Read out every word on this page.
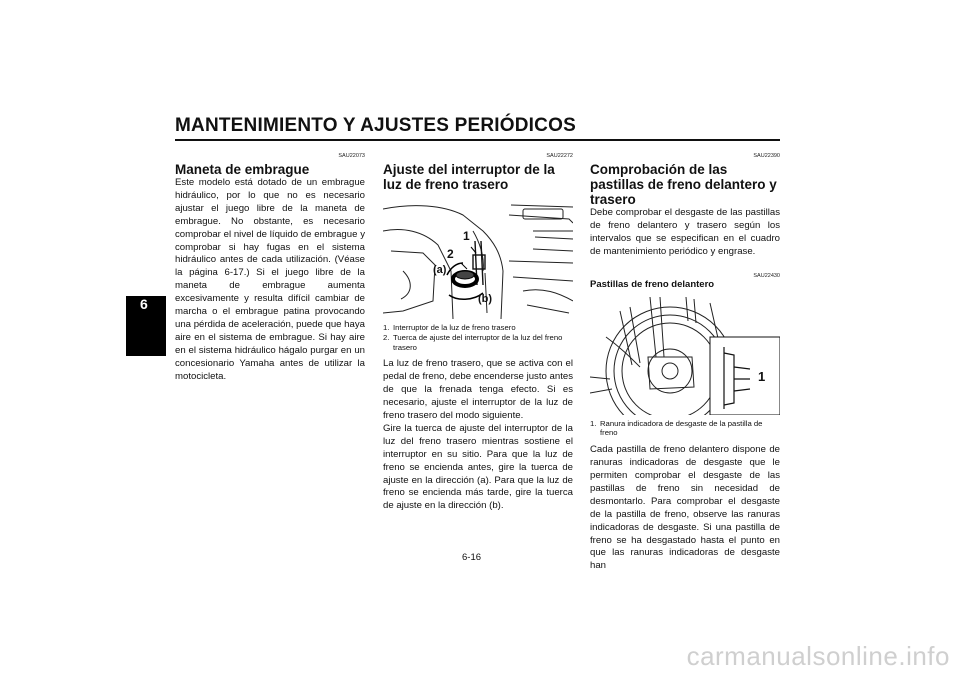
MANTENIMIENTO Y AJUSTES PERIÓDICOS
6

SAU22073

Maneta de embrague

Este modelo está dotado de un embrague hidráulico, por lo que no es necesario ajustar el juego libre de la maneta de embrague. No obstante, es necesario comprobar el nivel de líquido de embrague y comprobar si hay fugas en el sistema hidráulico antes de cada utilización. (Véase la página 6-17.) Si el juego libre de la maneta de embrague aumenta excesivamente y resulta difícil cambiar de marcha o el embrague patina provocando una pérdida de aceleración, puede que haya aire en el sistema de embrague. Si hay aire en el sistema hidráulico hágalo purgar en un concesionario Yamaha antes de utilizar la motocicleta.

SAU22272

Ajuste del interruptor de la luz de freno trasero
1
2
(a)
(b)

1. Interruptor de la luz de freno trasero

2. Tuerca de ajuste del interruptor de la luz del freno trasero

La luz de freno trasero, que se activa con el pedal de freno, debe encenderse justo antes de que la frenada tenga efecto. Si es necesario, ajuste el interruptor de la luz de freno trasero del modo siguiente.

Gire la tuerca de ajuste del interruptor de la luz del freno trasero mientras sostiene el interruptor en su sitio. Para que la luz de freno se encienda antes, gire la tuerca de ajuste en la dirección (a). Para que la luz de freno se encienda más tarde, gire la tuerca de ajuste en la dirección (b).

SAU22390

Comprobación de las pastillas de freno delantero y trasero

Debe comprobar el desgaste de las pastillas de freno delantero y trasero según los intervalos que se especifican en el cuadro de mantenimiento periódico y engrase.

SAU22430

Pastillas de freno delantero
1

1. Ranura indicadora de desgaste de la pastilla de freno

Cada pastilla de freno delantero dispone de ranuras indicadoras de desgaste que le permiten comprobar el desgaste de las pastillas de freno sin necesidad de desmontarlo. Para comprobar el desgaste de la pastilla de freno, observe las ranuras indicadoras de desgaste. Si una pastilla de freno se ha desgastado hasta el punto en que las ranuras indicadoras de desgaste han

6-16

carmanualsonline.info
